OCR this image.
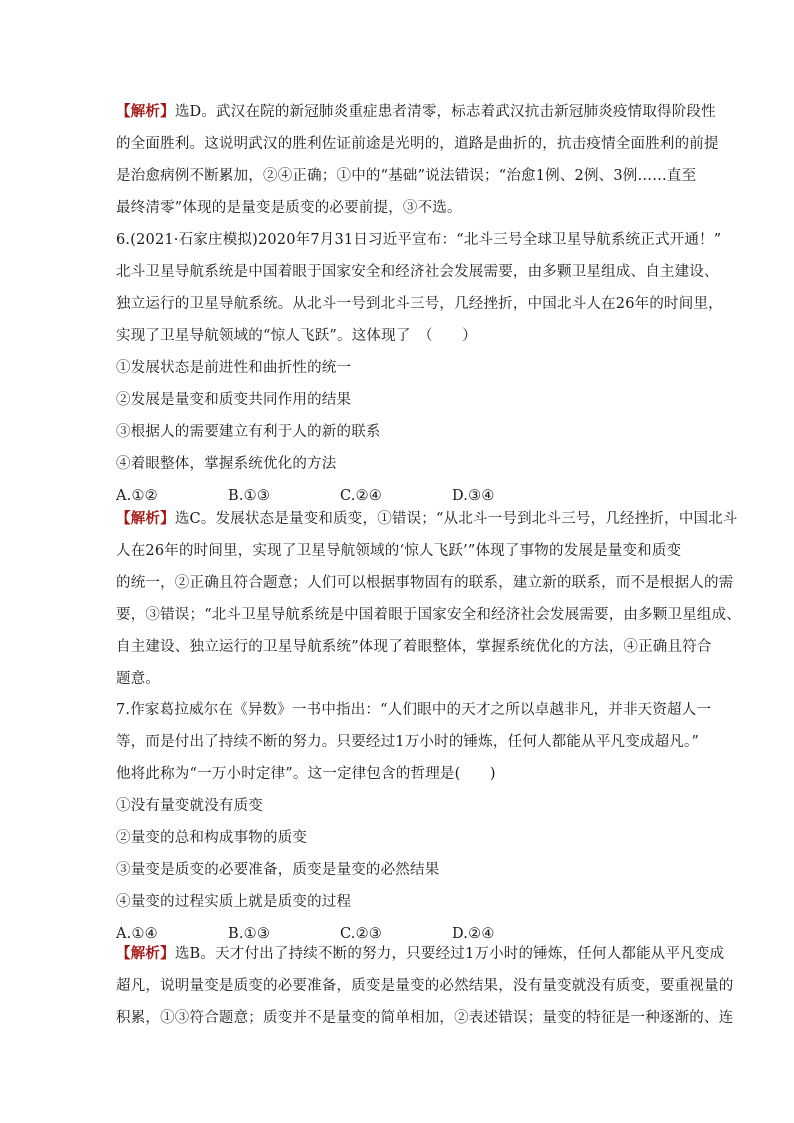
【解析】选D。武汉在院的新冠肺炎重症患者清零，标志着武汉抗击新冠肺炎疫情取得阶段性
的全面胜利。这说明武汉的胜利佐证前途是光明的，道路是曲折的，抗击疫情全面胜利的前提
是治愈病例不断累加，②④正确；①中的“基础”说法错误；“治愈1例、2例、3例……直至
最终清零”体现的是量变是质变的必要前提，③不选。
6.(2021·石家庄模拟)2020年7月31日习近平宣布：“北斗三号全球卫星导航系统正式开通！”
北斗卫星导航系统是中国着眼于国家安全和经济社会发展需要，由多颗卫星组成、自主建设、
独立运行的卫星导航系统。从北斗一号到北斗三号，几经挫折，中国北斗人在26年的时间里，
实现了卫星导航领域的“惊人飞跃”。这体现了　（　　）
①发展状态是前进性和曲折性的统一
②发展是量变和质变共同作用的结果
③根据人的需要建立有利于人的新的联系
④着眼整体，掌握系统优化的方法
A.①②	B.①③	C.②④	D.③④
【解析】选C。发展状态是量变和质变，①错误；“从北斗一号到北斗三号，几经挫折，中国北斗
人在26年的时间里，实现了卫星导航领域的‘惊人飞跃’”体现了事物的发展是量变和质变
的统一，②正确且符合题意；人们可以根据事物固有的联系，建立新的联系，而不是根据人的需
要，③错误；“北斗卫星导航系统是中国着眼于国家安全和经济社会发展需要，由多颗卫星组成、
自主建设、独立运行的卫星导航系统”体现了着眼整体，掌握系统优化的方法，④正确且符合
题意。
7.作家葛拉威尔在《异数》一书中指出：“人们眼中的天才之所以卓越非凡，并非天资超人一
等，而是付出了持续不断的努力。只要经过1万小时的锤炼，任何人都能从平凡变成超凡。”
他将此称为“一万小时定律”。这一定律包含的哲理是(　　)
①没有量变就没有质变
②量变的总和构成事物的质变
③量变是质变的必要准备，质变是量变的必然结果
④量变的过程实质上就是质变的过程
A.①④	B.①③	C.②③	D.②④
【解析】选B。天才付出了持续不断的努力，只要经过1万小时的锤炼，任何人都能从平凡变成
超凡，说明量变是质变的必要准备，质变是量变的必然结果，没有量变就没有质变，要重视量的
积累，①③符合题意；质变并不是量变的简单相加，②表述错误；量变的特征是一种逐渐的、连
